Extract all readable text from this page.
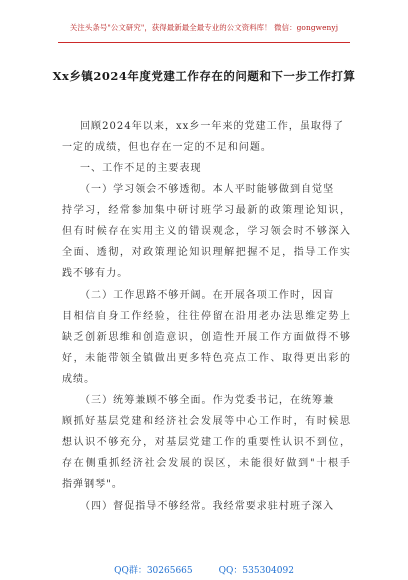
关注头条号"公文研究"，获得最新最全最专业的公文资料库！ 微信：gongwenyj
Xx乡镇2024年度党建工作存在的问题和下一步工作打算
回顾2024年以来，xx乡一年来的党建工作，虽取得了
一定的成绩，但也存在一定的不足和问题。
一、工作不足的主要表现
（一）学习领会不够透彻。本人平时能够做到自觉坚
持学习，经常参加集中研讨班学习最新的政策理论知识，
但有时候存在实用主义的错误观念，学习领会时不够深入
全面、透彻，对政策理论知识理解把握不足，指导工作实
践不够有力。
（二）工作思路不够开阔。在开展各项工作时，因盲
目相信自身工作经验，往往停留在沿用老办法思维定势上
缺乏创新思维和创造意识，创造性开展工作方面做得不够
好，未能带领全镇做出更多特色亮点工作、取得更出彩的
成绩。
（三）统筹兼顾不够全面。作为党委书记，在统筹兼
顾抓好基层党建和经济社会发展等中心工作时，有时候思
想认识不够充分，对基层党建工作的重要性认识不到位，
存在侧重抓经济社会发展的误区，未能很好做到"十根手
指弹钢琴"。
（四）督促指导不够经常。我经常要求驻村班子深入
QQ群：30265665	QQ：535304092
